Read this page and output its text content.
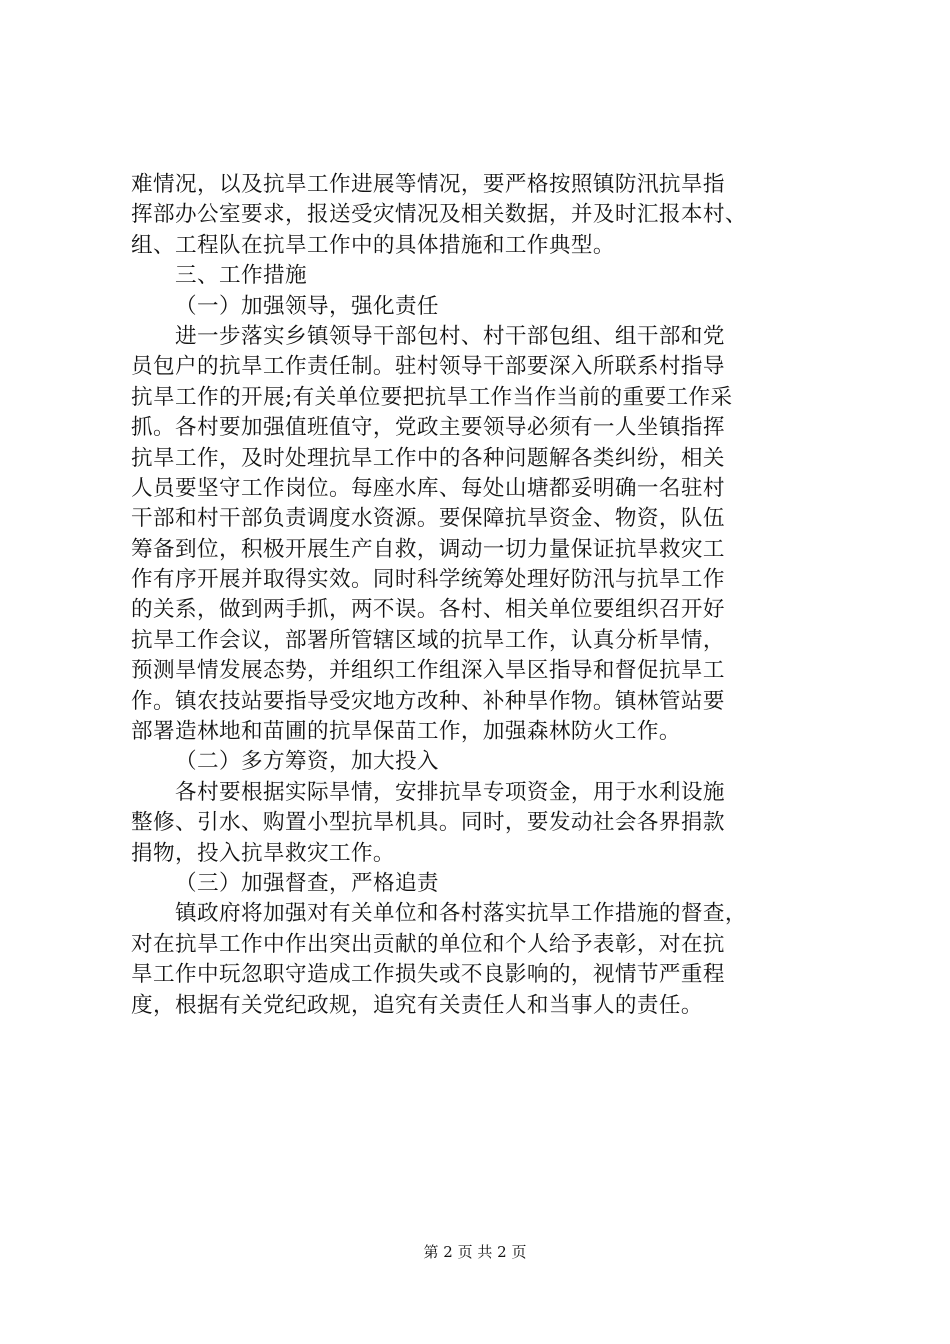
难情况，以及抗旱工作进展等情况，要严格按照镇防汛抗旱指
挥部办公室要求，报送受灾情况及相关数据，并及时汇报本村、
组、工程队在抗旱工作中的具体措施和工作典型。
三、工作措施
（一）加强领导，强化责任
进一步落实乡镇领导干部包村、村干部包组、组干部和党
员包户的抗旱工作责任制。驻村领导干部要深入所联系村指导
抗旱工作的开展;有关单位要把抗旱工作当作当前的重要工作采
抓。各村要加强值班值守，党政主要领导必须有一人坐镇指挥
抗旱工作，及时处理抗旱工作中的各种问题解各类纠纷，相关
人员要坚守工作岗位。每座水库、每处山塘都妥明确一名驻村
干部和村干部负责调度水资源。要保障抗旱资金、物资，队伍
筹备到位，积极开展生产自救，调动一切力量保证抗旱救灾工
作有序开展并取得实效。同时科学统筹处理好防汛与抗旱工作
的关系，做到两手抓，两不误。各村、相关单位要组织召开好
抗旱工作会议，部署所管辖区域的抗旱工作，认真分析旱情，
预测旱情发展态势，并组织工作组深入旱区指导和督促抗旱工
作。镇农技站要指导受灾地方改种、补种旱作物。镇林管站要
部署造林地和苗圃的抗旱保苗工作，加强森林防火工作。
（二）多方筹资，加大投入
各村要根据实际旱情，安排抗旱专项资金，用于水利设施
整修、引水、购置小型抗旱机具。同时，要发动社会各界捐款
捐物，投入抗旱救灾工作。
（三）加强督查，严格追责
镇政府将加强对有关单位和各村落实抗旱工作措施的督查，
对在抗旱工作中作出突出贡献的单位和个人给予表彰，对在抗
旱工作中玩忽职守造成工作损失或不良影响的，视情节严重程
度，根据有关党纪政规，追究有关责任人和当事人的责任。
第 2 页 共 2 页
